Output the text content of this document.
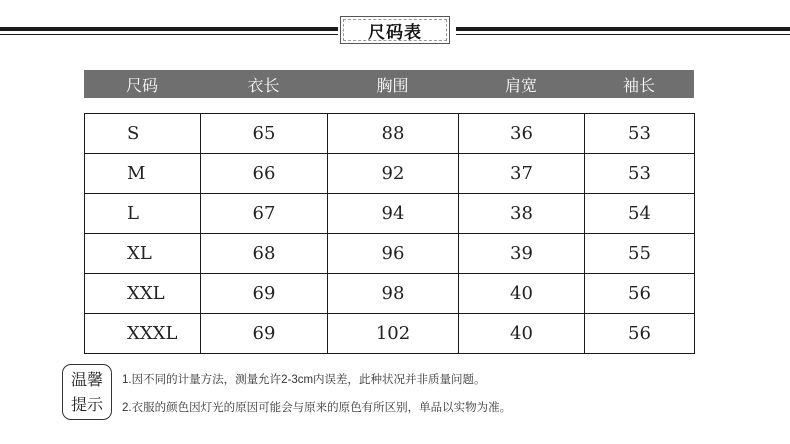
尺码表
尺码	衣长	胸围	肩宽	袖长
S	65	88	36	53
M	66	92	37	53
L	67	94	38	54
XL	68	96	39	55
XXL	69	98	40	56
XXXL	69	102	40	56
温馨
提示
1.因不同的计量方法，测量允许2-3cm内误差，此种状况并非质量问题。
2.衣服的颜色因灯光的原因可能会与原来的原色有所区别，单品以实物为准。
